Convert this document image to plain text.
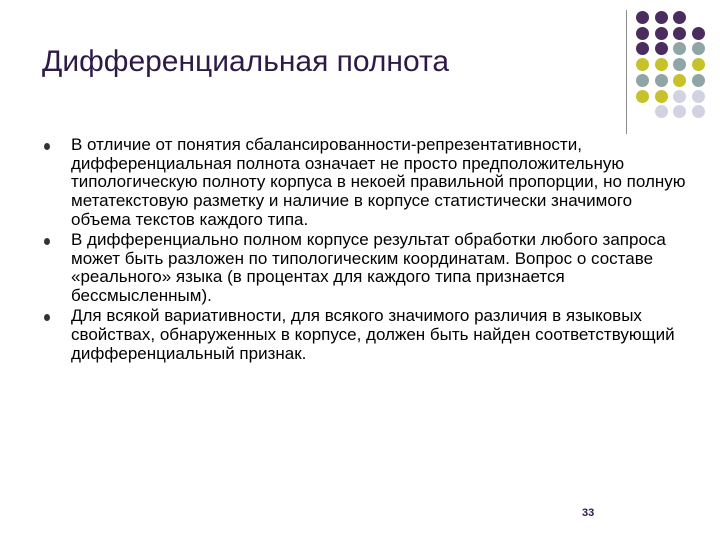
Дифференциальная полнота
В отличие от понятия сбалансированности-репрезентативности, дифференциальная полнота означает не просто предположительную типологическую полноту корпуса в некоей правильной пропорции, но полную метатекстовую разметку и наличие в корпусе статистически значимого объема текстов каждого типа.
В дифференциально полном корпусе результат обработки любого запроса может быть разложен по типологическим координатам. Вопрос о составе «реального» языка (в процентах для каждого типа признается бессмысленным).
Для всякой вариативности, для всякого значимого различия в языковых свойствах, обнаруженных в корпусе, должен быть найден соответствующий дифференциальный признак.
33
